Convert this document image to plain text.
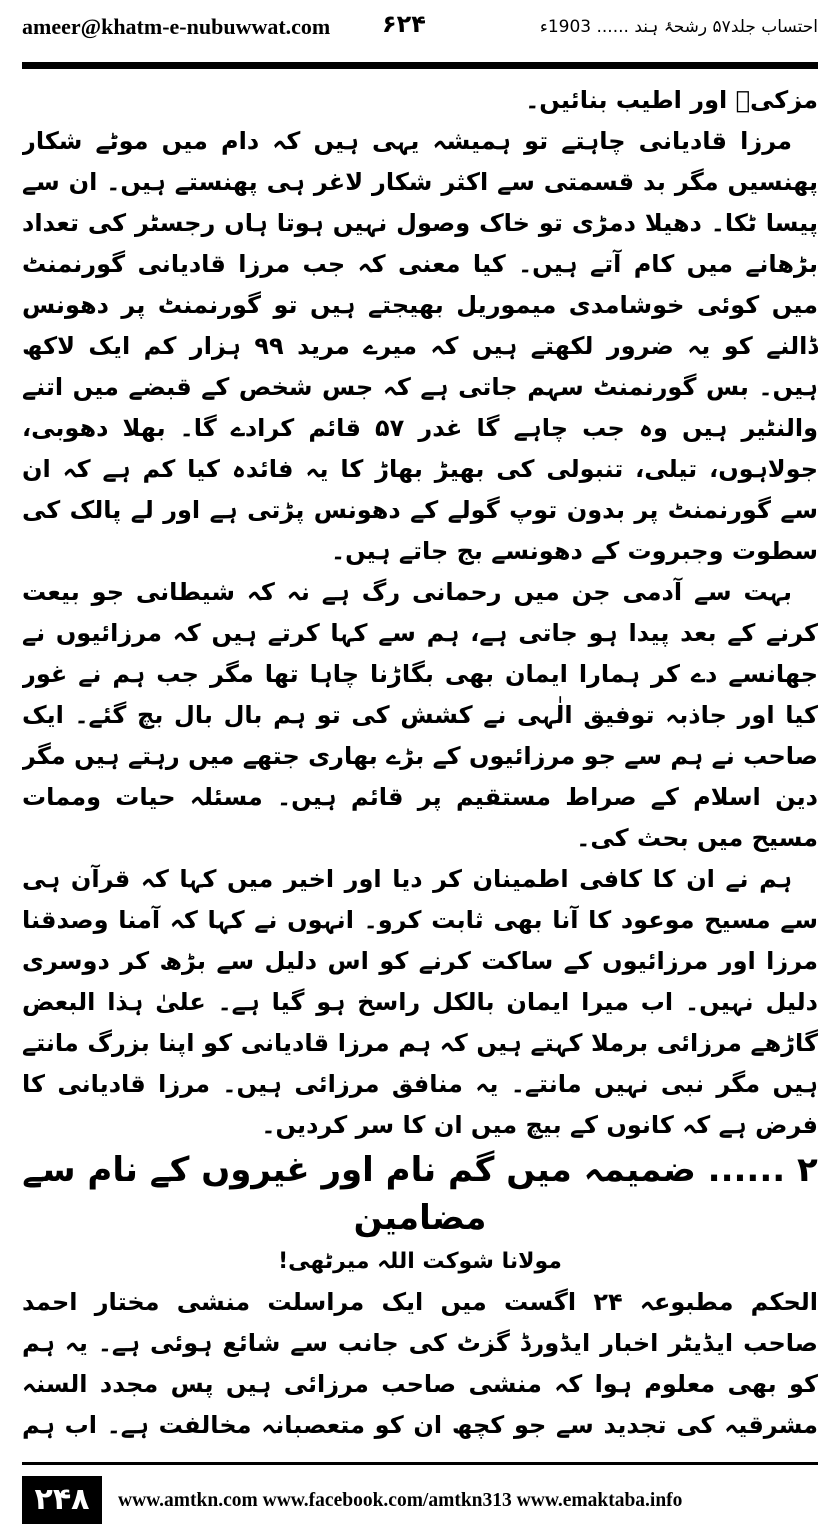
ameer@khatm-e-nubuwwat.com ۶۲۴	احتساب جلد۵۷ رشحۂ ہند ...... 1903ء

مزکیؔ اور اطیب بنائیں۔

مرزا قادیانی چاہتے تو ہمیشہ یہی ہیں کہ دام میں موٹے شکار پھنسیں مگر بد قسمتی سے اکثر شکار لاغر ہی پھنستے ہیں۔ ان سے پیسا ٹکا۔ دھیلا دمڑی تو خاک وصول نہیں ہوتا ہاں رجسٹر کی تعداد بڑھانے میں کام آتے ہیں۔ کیا معنی کہ جب مرزا قادیانی گورنمنٹ میں کوئی خوشامدی میموریل بھیجتے ہیں تو گورنمنٹ پر دھونس ڈالنے کو یہ ضرور لکھتے ہیں کہ میرے مرید ۹۹ ہزار کم ایک لاکھ ہیں۔ بس گورنمنٹ سہم جاتی ہے کہ جس شخص کے قبضے میں اتنے والنٹیر ہیں وہ جب چاہے گا غدر ۵۷ قائم کرادے گا۔ بھلا دھوبی، جولاہوں، تیلی، تنبولی کی بھیڑ بھاڑ کا یہ فائدہ کیا کم ہے کہ ان سے گورنمنٹ پر بدون توپ گولے کے دھونس پڑتی ہے اور لے پالک کی سطوت وجبروت کے دھونسے بج جاتے ہیں۔

بہت سے آدمی جن میں رحمانی رگ ہے نہ کہ شیطانی جو بیعت کرنے کے بعد پیدا ہو جاتی ہے، ہم سے کہا کرتے ہیں کہ مرزائیوں نے جھانسے دے کر ہمارا ایمان بھی بگاڑنا چاہا تھا مگر جب ہم نے غور کیا اور جاذبہ توفیق الٰہی نے کشش کی تو ہم بال بال بچ گئے۔ ایک صاحب نے ہم سے جو مرزائیوں کے بڑے بھاری جتھے میں رہتے ہیں مگر دین اسلام کے صراط مستقیم پر قائم ہیں۔ مسئلہ حیات وممات مسیح میں بحث کی۔

ہم نے ان کا کافی اطمینان کر دیا اور اخیر میں کہا کہ قرآن ہی سے مسیح موعود کا آنا بھی ثابت کرو۔ انہوں نے کہا کہ آمنا وصدقنا مرزا اور مرزائیوں کے ساکت کرنے کو اس دلیل سے بڑھ کر دوسری دلیل نہیں۔ اب میرا ایمان بالکل راسخ ہو گیا ہے۔ علیٰ ہذا البعض گاڑھے مرزائی برملا کہتے ہیں کہ ہم مرزا قادیانی کو اپنا بزرگ مانتے ہیں مگر نبی نہیں مانتے۔ یہ منافق مرزائی ہیں۔ مرزا قادیانی کا فرض ہے کہ کانوں کے بیچ میں ان کا سر کردیں۔

۲ ...... ضمیمہ میں گم نام اور غیروں کے نام سے مضامین

مولانا شوکت اللہ میرٹھی!

الحکم مطبوعہ ۲۴ اگست میں ایک مراسلت منشی مختار احمد صاحب ایڈیٹر اخبار ایڈورڈ گزٹ کی جانب سے شائع ہوئی ہے۔ یہ ہم کو بھی معلوم ہوا کہ منشی صاحب مرزائی ہیں پس مجدد السنہ مشرقیہ کی تجدید سے جو کچھ ان کو متعصبانہ مخالفت ہے۔ اب ہم

۲۴۸	www.amtkn.com www.facebook.com/amtkn313 www.emaktaba.info
